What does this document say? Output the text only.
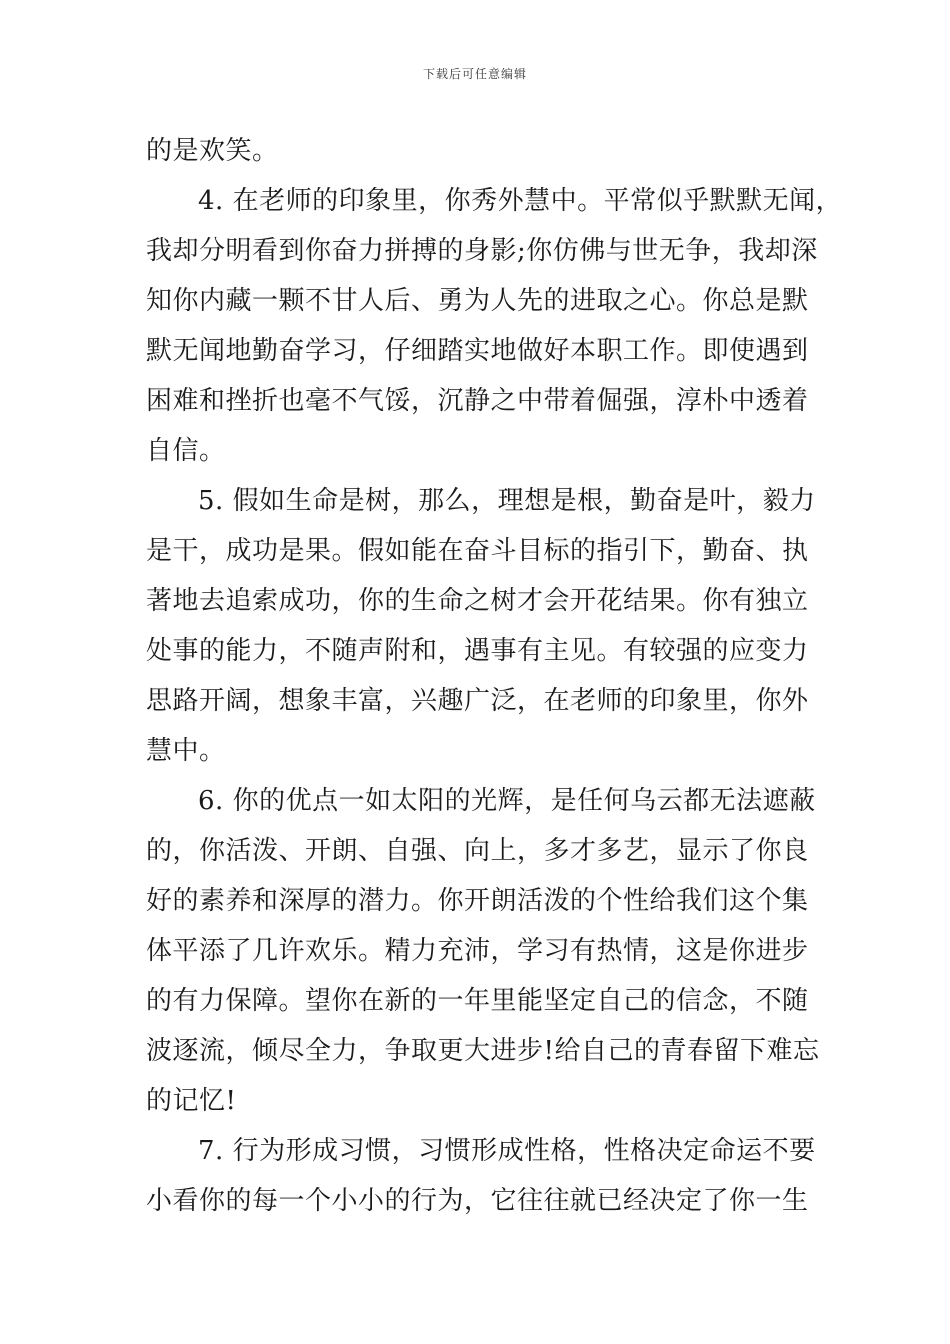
下载后可任意编辑
的是欢笑。
4. 在老师的印象里，你秀外慧中。平常似乎默默无闻，
我却分明看到你奋力拼搏的身影;你仿佛与世无争，我却深
知你内藏一颗不甘人后、勇为人先的进取之心。你总是默
默无闻地勤奋学习，仔细踏实地做好本职工作。即使遇到
困难和挫折也毫不气馁，沉静之中带着倔强，淳朴中透着
自信。
5. 假如生命是树，那么，理想是根，勤奋是叶，毅力
是干，成功是果。假如能在奋斗目标的指引下，勤奋、执
著地去追索成功，你的生命之树才会开花结果。你有独立
处事的能力，不随声附和，遇事有主见。有较强的应变力
思路开阔，想象丰富，兴趣广泛，在老师的印象里，你外
慧中。
6. 你的优点一如太阳的光辉，是任何乌云都无法遮蔽
的，你活泼、开朗、自强、向上，多才多艺，显示了你良
好的素养和深厚的潜力。你开朗活泼的个性给我们这个集
体平添了几许欢乐。精力充沛，学习有热情，这是你进步
的有力保障。望你在新的一年里能坚定自己的信念，不随
波逐流，倾尽全力，争取更大进步!给自己的青春留下难忘
的记忆!
7. 行为形成习惯，习惯形成性格，性格决定命运不要
小看你的每一个小小的行为，它往往就已经决定了你一生
